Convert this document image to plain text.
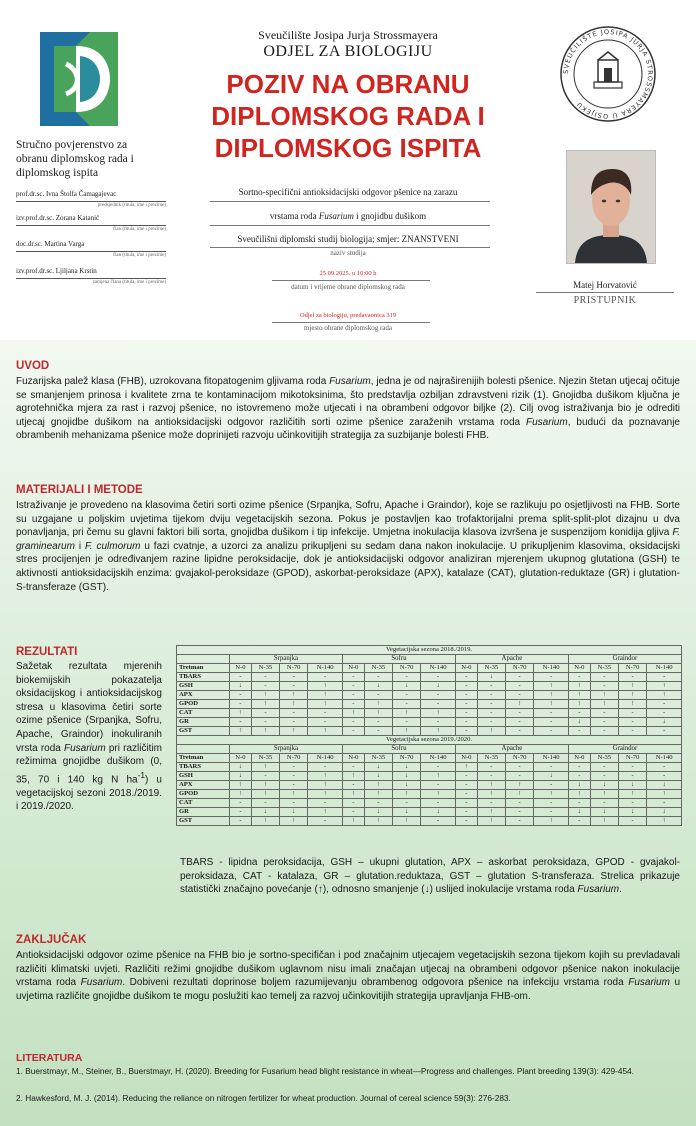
SVEUČILIŠTE JOSIPA JURJA STROSSMAYERA U OSIJEKU
Sveučilište Josipa Jurja Strossmayera
ODJEL ZA BIOLOGIJU
POZIV NA OBRANU
DIPLOMSKOG RADA I
DIPLOMSKOG ISPITA
Stručno povjerenstvo za obranu diplomskog rada i diplomskog ispita
prof.dr.sc. Ivna Štolfa Čamagajevac
predsjednik (titula, ime i prezime)
izv.prof.dr.sc. Zorana Katanić
član (titula, ime i prezime)
doc.dr.sc. Martina Varga
član (titula, ime i prezime)
izv.prof.dr.sc. Ljiljana Krstin
zamjena člana (titula, ime i prezime)
Sortno-specifični antioksidacijski odgovor pšenice na zarazu
vrstama roda Fusarium i gnojidbu dušikom
Sveučilišni diplomski studij biologija; smjer: ZNANSTVENI
naziv studija
25.09.2025. u 10:00 h
datum i vrijeme obrane diplomskog rada
Odjel za biologiju, predavaonica 319
mjesto obrane diplomskog rada
Matej Horvatović
PRISTUPNIK
UVOD
Fuzarijska palež klasa (FHB), uzrokovana fitopatogenim gljivama roda Fusarium, jedna je od najraširenijih bolesti pšenice. Njezin štetan utjecaj očituje se smanjenjem prinosa i kvalitete zrna te kontaminacijom mikotoksinima, što predstavlja ozbiljan zdravstveni rizik (1). Gnojidba dušikom ključna je agrotehnička mjera za rast i razvoj pšenice, no istovremeno može utjecati i na obrambeni odgovor biljke (2). Cilj ovog istraživanja bio je odrediti utjecaj gnojidbe dušikom na antioksidacijski odgovor različitih sorti ozime pšenice zaraženih vrstama roda Fusarium, budući da poznavanje obrambenih mehanizama pšenice može doprinijeti razvoju učinkovitijih strategija za suzbijanje bolesti FHB.
MATERIJALI I METODE
Istraživanje je provedeno na klasovima četiri sorti ozime pšenice (Srpanjka, Sofru, Apache i Graindor), koje se razlikuju po osjetljivosti na FHB. Sorte su uzgajane u poljskim uvjetima tijekom dviju vegetacijskih sezona. Pokus je postavljen kao trofaktorijalni prema split-split-plot dizajnu u dva ponavljanja, pri čemu su glavni faktori bili sorta, gnojidba dušikom i tip infekcije. Umjetna inokulacija klasova izvršena je suspenzijom konidija gljiva F. graminearum i F. culmorum u fazi cvatnje, a uzorci za analizu prikupljeni su sedam dana nakon inokulacije. U prikupljenim klasovima, oksidacijski stres procijenjen je određivanjem razine lipidne peroksidacije, dok je antioksidacijski odgovor analiziran mjerenjem ukupnog glutationa (GSH) te aktivnosti antioksidacijskih enzima: gvajakol-peroksidaze (GPOD), askorbat-peroksidaze (APX), katalaze (CAT), glutation-reduktaze (GR) i glutation-S-transferaze (GST).
REZULTATI
Sažetak rezultata mjerenih biokemijskih pokazatelja oksidacijskog i antioksidacijskog stresa u klasovima četiri sorte ozime pšenice (Srpanjka, Sofru, Apache, Graindor) inokuliranih vrsta roda Fusarium pri različitim režimima gnojidbe dušikom (0, 35, 70 i 140 kg N $ha^{-1}$) u vegetacijskoj sezoni 2018./2019. i 2019./2020.
Vegetacijska sezona 2018./2019.																
	Srpanjka				Sofru				Apache				Graindor			
Tretman	N-0	N-35	N-70	N-140	N-0	N-35	N-70	N-140	N-0	N-35	N-70	N-140	N-0	N-35	N-70	N-140
TBARS	-	-	-	-	-	-	-	-	-	↓	-	-	-	-	-	-
GSH	↓	-	-	↑	-	↓	↓	↓	-	-	-	↑	↑	-	↑	↑
APX	-	↑	↑	↑	-	-	-	-	-	-	-	↑	↑	↑	↑	↑
GPOD	-	↑	↑	↑	-	↑	-	-	-	-	↑	↑	↑	↑	↑	-
CAT	↑	-	-	-	↑	↑	↑	↑	-	-	-	-	-	-	-	-
GR	-	-	-	-	-	-	-	-	-	-	-	-	↓	-	-	↓
GST	↑	↑	↑	↑	-	-	↑	↑	-	↑	-	-	-	-	-	-
Vegetacijska sezona 2019./2020.																
	Srpanjka				Sofru				Apache				Graindor			
Tretman	N-0	N-35	N-70	N-140	N-0	N-35	N-70	N-140	N-0	N-35	N-70	N-140	N-0	N-35	N-70	N-140
TBARS	↓	↑	-	-	-	↓	↓	-	↑	-	-	-	-	-	-	-
GSH	↓	-	-	↑	↑	↓	↓	↑	-	-	-	↓	-	-	-	-
APX	↑	↑	-	↑	-	↑	↓	-	-	↑	↑	-	↓	↓	↓	↓
GPOD	↑	↑	↑	↑	↑	↑	↑	↑	-	↑	↑	↑	↑	↑	↑	↑
CAT	-	-	-	-	-	-	-	-	-	-	-	-	-	-	-	-
GR	-	↓	↓	↑	-	↓	↓	↓	-	↑	-	-	↓	↓	↓	↓
GST	-	↑	↑	-	↑	↑	↑	-	-	↑	-	↑	-	↑	-	↑
TBARS - lipidna peroksidacija, GSH – ukupni glutation, APX – askorbat peroksidaza, GPOD - gvajakol-peroksidaza, CAT - katalaza, GR – glutation.reduktaza, GST – glutation S-transferaza. Strelica prikazuje statistički značajno povećanje (↑), odnosno smanjenje (↓) uslijed inokulacije vrstama roda Fusarium.
ZAKLJUČAK
Antioksidacijski odgovor ozime pšenice na FHB bio je sortno-specifičan i pod značajnim utjecajem vegetacijskih sezona tijekom kojih su prevladavali različiti klimatski uvjeti. Različiti režimi gnojidbe dušikom uglavnom nisu imali značajan utjecaj na obrambeni odgovor pšenice nakon inokulacije vrstama roda Fusarium. Dobiveni rezultati doprinose boljem razumijevanju obrambenog odgovora pšenice na infekciju vrstama roda Fusarium u uvjetima različite gnojidbe dušikom te mogu poslužiti kao temelj za razvoj učinkovitijih strategija upravljanja FHB-om.
LITERATURA
1. Buerstmayr, M., Steiner, B., Buerstmayr, H. (2020). Breeding for Fusarium head blight resistance in wheat—Progress and challenges. Plant breeding 139(3): 429-454.
2. Hawkesford, M. J. (2014). Reducing the reliance on nitrogen fertilizer for wheat production. Journal of cereal science 59(3): 276-283.
